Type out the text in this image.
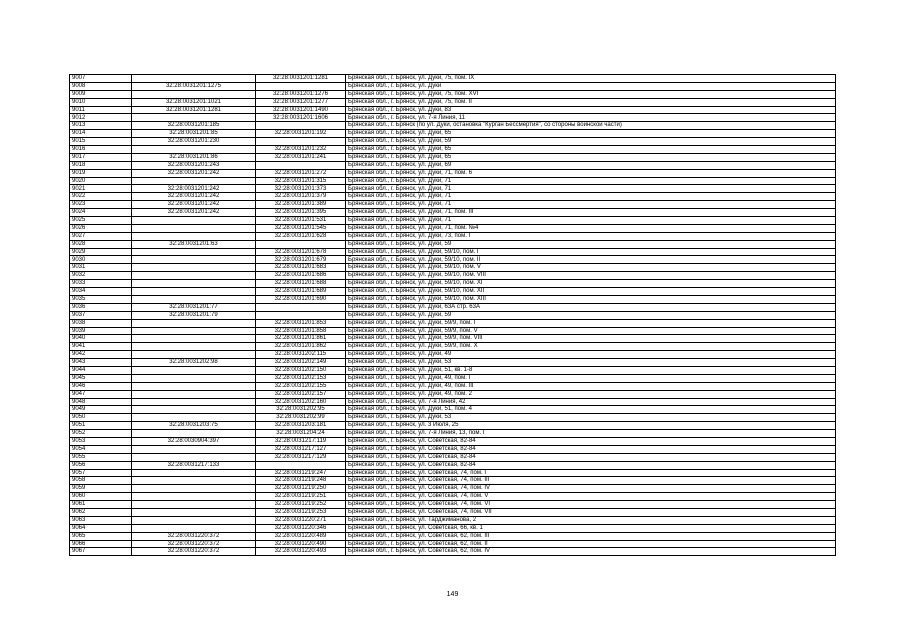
9007		32:28:0031201:1281	Брянская обл., г. Брянск, ул. Дуки, 75, пом. IX
9008	32:28:0031201:1275		Брянская обл., г. Брянск, ул. Дуки
9009		32:28:0031201:1276	Брянская обл., г. Брянск, ул. Дуки, 75, пом. XVI
9010	32:28:0031201:1021	32:28:0031201:1277	Брянская обл., г. Брянск, ул. Дуки, 75, пом. II
9011	32:28:0031201:1281	32:28:0031201:1490	Брянская обл., г. Брянск, ул. Дуки, 83
9012		32:28:0031201:1606	Брянская обл., г. Брянск, ул. 7-я Линия, 11
9013	32:28:0031201:185		Брянская обл., г. Брянск (по ул. Дуки, остановка "Курган Бессмертия", со стороны воинской части)
9014	32:28:0031201:85	32:28:0031201:192	Брянская обл., г. Брянск, ул. Дуки, 65
9015	32:28:0031201:230		Брянская обл., г. Брянск, ул. Дуки, 59
9016		32:28:0031201:232	Брянская обл., г. Брянск, ул. Дуки, 65
9017	32:28:0031201:86	32:28:0031201:241	Брянская обл., г. Брянск, ул. Дуки, 65
9018	32:28:0031201:243		Брянская обл., г. Брянск, ул. Дуки, 69
9019	32:28:0031201:242	32:28:0031201:272	Брянская обл., г. Брянск, ул. Дуки, 71, пом. 6
9020		32:28:0031201:315	Брянская обл., г. Брянск, ул. Дуки, 71
9021	32:28:0031201:242	32:28:0031201:373	Брянская обл., г. Брянск, ул. Дуки, 71
9022	32:28:0031201:242	32:28:0031201:379	Брянская обл., г. Брянск, ул. Дуки, 71
9023	32:28:0031201:242	32:28:0031201:389	Брянская обл., г. Брянск, ул. Дуки, 71
9024	32:28:0031201:242	32:28:0031201:395	Брянская обл., г. Брянск, ул. Дуки, 71, пом. III
9025		32:28:0031201:531	Брянская обл., г. Брянск, ул. Дуки, 71
9026		32:28:0031201:545	Брянская обл., г. Брянск, ул. Дуки, 71, пом. №4
9027		32:28:0031201:628	Брянская обл., г. Брянск, ул. Дуки, 73, пом. I
9028	32:28:0031201:63		Брянская обл., г. Брянск, ул. Дуки, 59
9029		32:28:0031201:678	Брянская обл., г. Брянск, ул. Дуки, 59/10, пом. I
9030		32:28:0031201:679	Брянская обл., г. Брянск, ул. Дуки, 59/10, пом. II
9031		32:28:0031201:683	Брянская обл., г. Брянск, ул. Дуки, 59/10, пом. V
9032		32:28:0031201:686	Брянская обл., г. Брянск, ул. Дуки, 59/10, пом. VIII
9033		32:28:0031201:688	Брянская обл., г. Брянск, ул. Дуки, 59/10, пом. XI
9034		32:28:0031201:689	Брянская обл., г. Брянск, ул. Дуки, 59/10, пом. XII
9035		32:28:0031201:690	Брянская обл., г. Брянск, ул. Дуки, 59/10, пом. XIII
9036	32:28:0031201:77		Брянская обл., г. Брянск, ул. Дуки, 63А стр. 63А
9037	32:28:0031201:79		Брянская обл., г. Брянск, ул. Дуки, 59
9038		32:28:0031201:853	Брянская обл., г. Брянск, ул. Дуки, 59/9, пом. I
9039		32:28:0031201:858	Брянская обл., г. Брянск, ул. Дуки, 59/9, пом. V
9040		32:28:0031201:861	Брянская обл., г. Брянск, ул. Дуки, 59/9, пом. VIII
9041		32:28:0031201:862	Брянская обл., г. Брянск, ул. Дуки, 59/9, пом. X
9042		32:28:0031202:115	Брянская обл., г. Брянск, ул. Дуки, 49
9043	32:28:0031202:98	32:28:0031202:149	Брянская обл., г. Брянск, ул. Дуки, 53
9044		32:28:0031202:150	Брянская обл., г. Брянск, ул. Дуки, 51, кв. 1-8
9045		32:28:0031202:153	Брянская обл., г. Брянск, ул. Дуки, 49, пом. I
9046		32:28:0031202:155	Брянская обл., г. Брянск, ул. Дуки, 49, пом. III
9047		32:28:0031202:157	Брянская обл., г. Брянск, ул. Дуки, 49, пом. 2
9048		32:28:0031202:160	Брянская обл., г. Брянск, ул. 7-я Линия, 42
9049		32:28:0031202:95	Брянская обл., г. Брянск, ул. Дуки, 51, пом. 4
9050		32:28:0031202:99	Брянская обл., г. Брянск, ул. Дуки, 53
9051	32:28:0031203:75	32:28:0031203:181	Брянская обл., г. Брянск, ул. 3 Июля, 25
9052		32:28:0031204:24	Брянская обл., г. Брянск, ул. 7-я Линия, 13, пом. I
9053	32:28:0030904:397	32:28:0031217:119	Брянская обл., г. Брянск, ул. Советская, 82-84
9054		32:28:0031217:127	Брянская обл., г. Брянск, ул. Советская, 82-84
9055		32:28:0031217:129	Брянская обл., г. Брянск, ул. Советская, 82-84
9056	32:28:0031217:133		Брянская обл., г. Брянск, ул. Советская, 82-84
9057		32:28:0031219:247	Брянская обл., г. Брянск, ул. Советская, 74, пом. I
9058		32:28:0031219:248	Брянская обл., г. Брянск, ул. Советская, 74, пом. III
9059		32:28:0031219:250	Брянская обл., г. Брянск, ул. Советская, 74, пом. IV
9060		32:28:0031219:251	Брянская обл., г. Брянск, ул. Советская, 74, пом. V
9061		32:28:0031219:252	Брянская обл., г. Брянск, ул. Советская, 74, пом. VI
9062		32:28:0031219:253	Брянская обл., г. Брянск, ул. Советская, 74, пом. VII
9063		32:28:0031220:271	Брянская обл., г. Брянск, ул. Тарджиманова, 2
9064		32:28:0031220:346	Брянская обл., г. Брянск, ул. Советская, 66, кв. 1
9065	32:28:0031220:372	32:28:0031220:489	Брянская обл., г. Брянск, ул. Советская, 62, пом. III
9066	32:28:0031220:372	32:28:0031220:490	Брянская обл., г. Брянск, ул. Советская, 62, пом. II
9067	32:28:0031220:372	32:28:0031220:493	Брянская обл., г. Брянск, ул. Советская, 62, пом. IV
149
